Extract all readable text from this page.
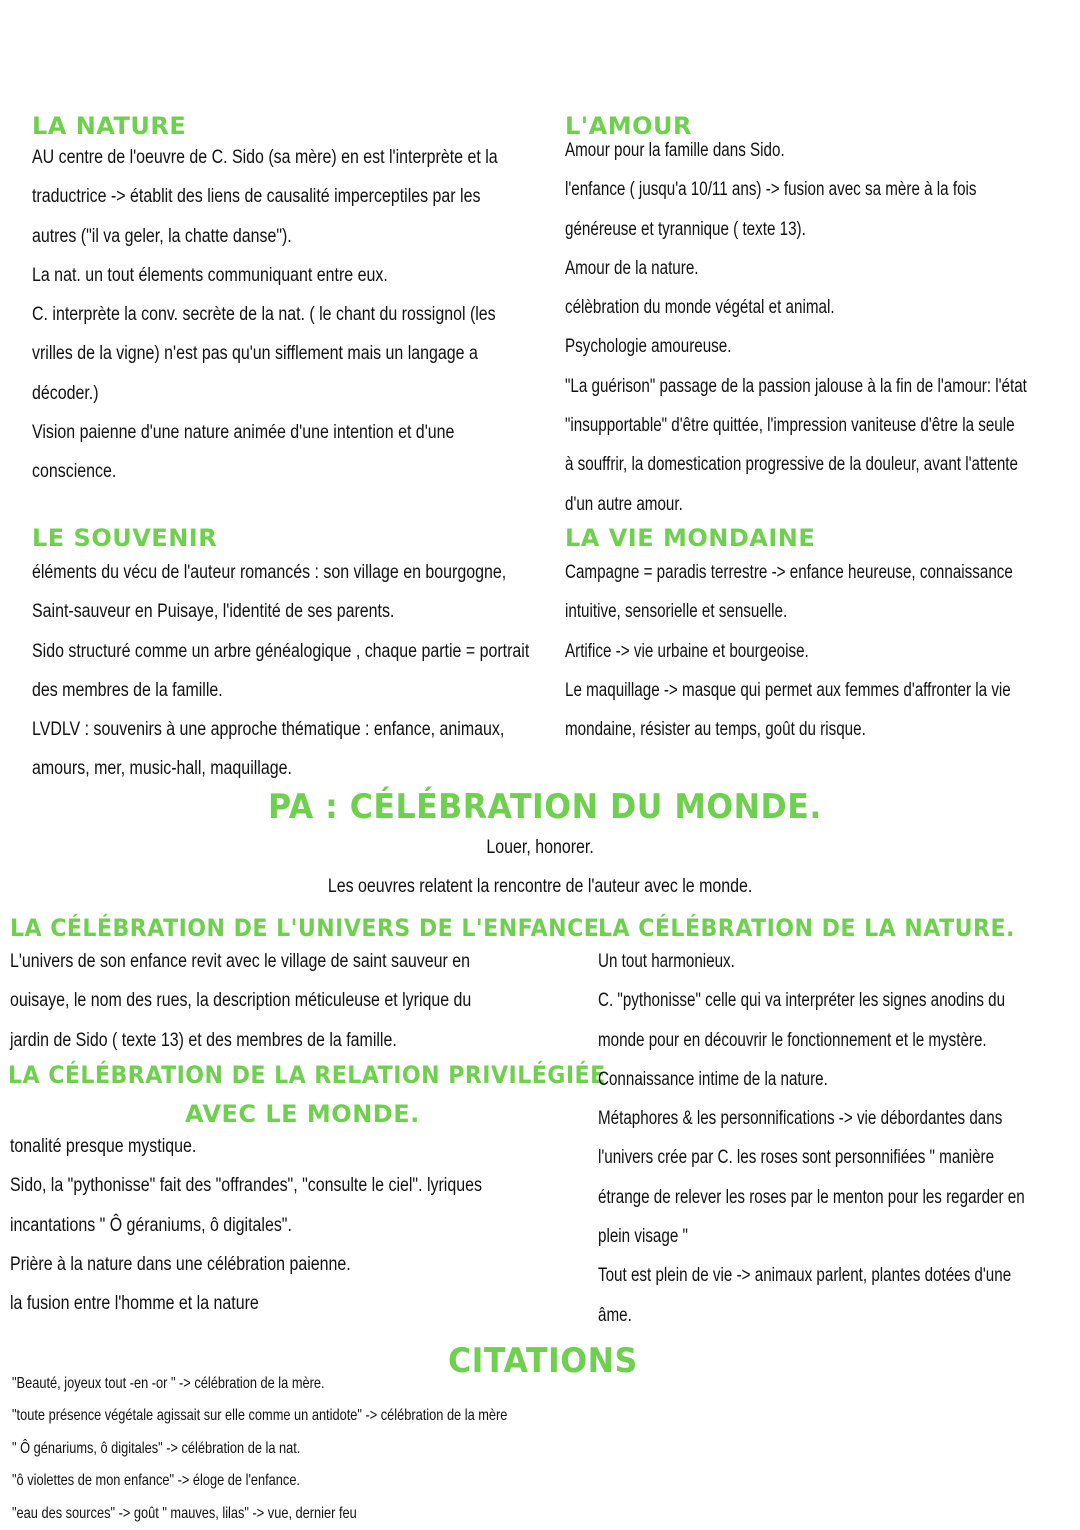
LA NATURE
AU centre de l'oeuvre de C. Sido (sa mère) en est l'interprète et la
traductrice -> établit des liens de causalité imperceptiles par les
autres ("il va geler, la chatte danse").
La nat. un tout élements communiquant entre eux.
C. interprète la conv. secrète de la nat. ( le chant du rossignol (les
vrilles de la vigne) n'est pas qu'un sifflement mais un langage a
décoder.)
Vision paienne d'une nature animée d'une intention et d'une
conscience.
L'AMOUR
Amour pour la famille dans Sido.
l'enfance ( jusqu'a 10/11 ans) -> fusion avec sa mère à la fois
généreuse et tyrannique ( texte 13).
Amour de la nature.
célèbration du monde végétal et animal.
Psychologie amoureuse.
"La guérison" passage de la passion jalouse à la fin de l'amour: l'état
"insupportable" d'être quittée, l'impression vaniteuse d'être la seule
à souffrir, la domestication progressive de la douleur, avant l'attente
d'un autre amour.
LE SOUVENIR
éléments du vécu de l'auteur romancés : son village en bourgogne,
Saint-sauveur en Puisaye, l'identité de ses parents.
Sido structuré comme un arbre généalogique , chaque partie = portrait
des membres de la famille.
LVDLV : souvenirs à une approche thématique : enfance, animaux,
amours, mer, music-hall, maquillage.
LA VIE MONDAINE
Campagne = paradis terrestre -> enfance heureuse, connaissance
intuitive, sensorielle et sensuelle.
Artifice -> vie urbaine et bourgeoise.
Le maquillage -> masque qui permet aux femmes d'affronter la vie
mondaine, résister au temps, goût du risque.
PA : CÉLÉBRATION DU MONDE.
Louer, honorer.
Les oeuvres relatent la rencontre de l'auteur avec le monde.
LA CÉLÉBRATION DE L'UNIVERS DE L'ENFANCE.
L'univers de son enfance revit avec le village de saint sauveur en
ouisaye, le nom des rues, la description méticuleuse et lyrique du
jardin de Sido ( texte 13) et des membres de la famille.
LA CÉLÉBRATION DE LA RELATION PRIVILÉGIÉE
AVEC LE MONDE.
tonalité presque mystique.
Sido, la "pythonisse" fait des "offrandes", "consulte le ciel". lyriques
incantations " Ô géraniums, ô digitales".
Prière à la nature dans une célébration paienne.
la fusion entre l'homme et la nature
LA CÉLÉBRATION DE LA NATURE.
Un tout harmonieux.
C. "pythonisse" celle qui va interpréter les signes anodins du
monde pour en découvrir le fonctionnement et le mystère.
Connaissance intime de la nature.
Métaphores & les personnifications -> vie débordantes dans
l'univers crée par C. les roses sont personnifiées " manière
étrange de relever les roses par le menton pour les regarder en
plein visage "
Tout est plein de vie -> animaux parlent, plantes dotées d'une
âme.
CITATIONS
"Beauté, joyeux tout -en -or " -> célébration de la mère.
"toute présence végétale agissait sur elle comme un antidote" -> célébration de la mère
" Ô génariums, ô digitales" -> célébration de la nat.
"ô violettes de mon enfance" -> éloge de l'enfance.
"eau des sources" -> goût " mauves, lilas" -> vue, dernier feu
